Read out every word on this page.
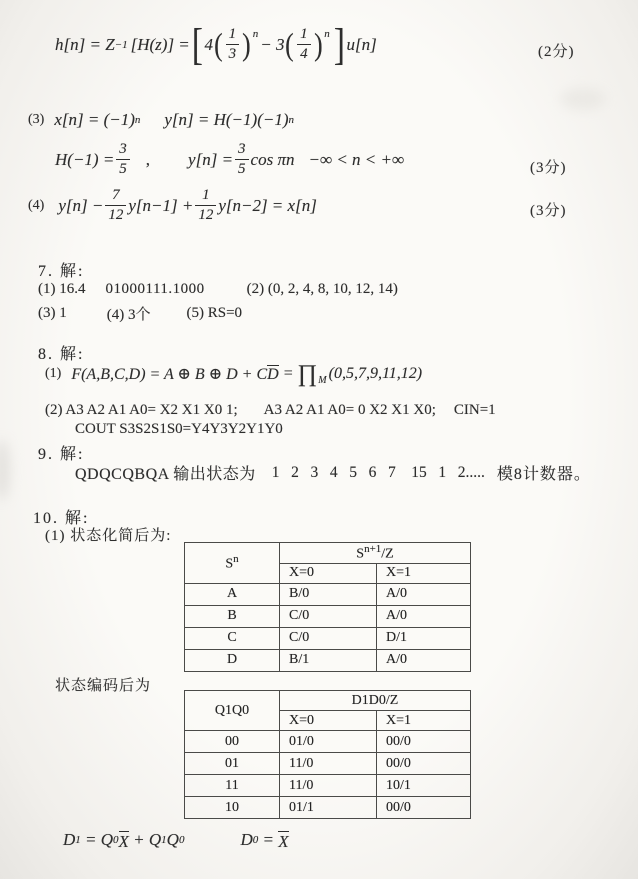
h[n] = Z −1 [H(z)] = [ 4 ( $\frac{1}{3} )^n$
− 3 ( $\frac{1}{4} )^n$ ] u[n]	(2分)
(3) x[n] = (−1) n y[n] = H(−1)(−1) n
$H(-1) = \frac{3}{5}$ , $y[n] = \frac{3}{5}$ cos πn −∞ < n < +∞	(3分)
(4) $y[n] - \frac{7}{12} y[n-1] + \frac{1}{12} y[n-2] = x[n]$	(3分)
7. 解:
(1) 16.4 01000111.1000	(2) (0, 2, 4, 8, 10, 12, 14)
(3) 1	(4) 3个 (5) RS=0
8. 解:
(1) F(A,B,C,D) = A ⊕ B ⊕ D + C D = ∏ M (0,5,7,9,11,12)
(2) A3 A2 A1 A0= X2 X1 X0 1; A3 A2 A1 A0= 0 X2 X1 X0; CIN=1
COUT S3S2S1S0=Y4Y3Y2Y1Y0
9. 解:
QDQCQBQA 输出状态为 1   2   3   4   5   6   7    15   1   2..... 模8计数器。
10. 解:
(1) 状态化简后为:
$S^n$	$S^{n+1}/Z$	
	X=0	X=1
A	B/0	A/0
B	C/0	A/0
C	C/0	D/1
D	B/1	A/0
状态编码后为
Q1Q0	D1D0/Z	
	X=0	X=1
00	01/0	00/0
01	11/0	00/0
11	11/0	10/1
10	01/1	00/0
D 1 = Q 0 X + Q 1 Q 0	D 0 = X
